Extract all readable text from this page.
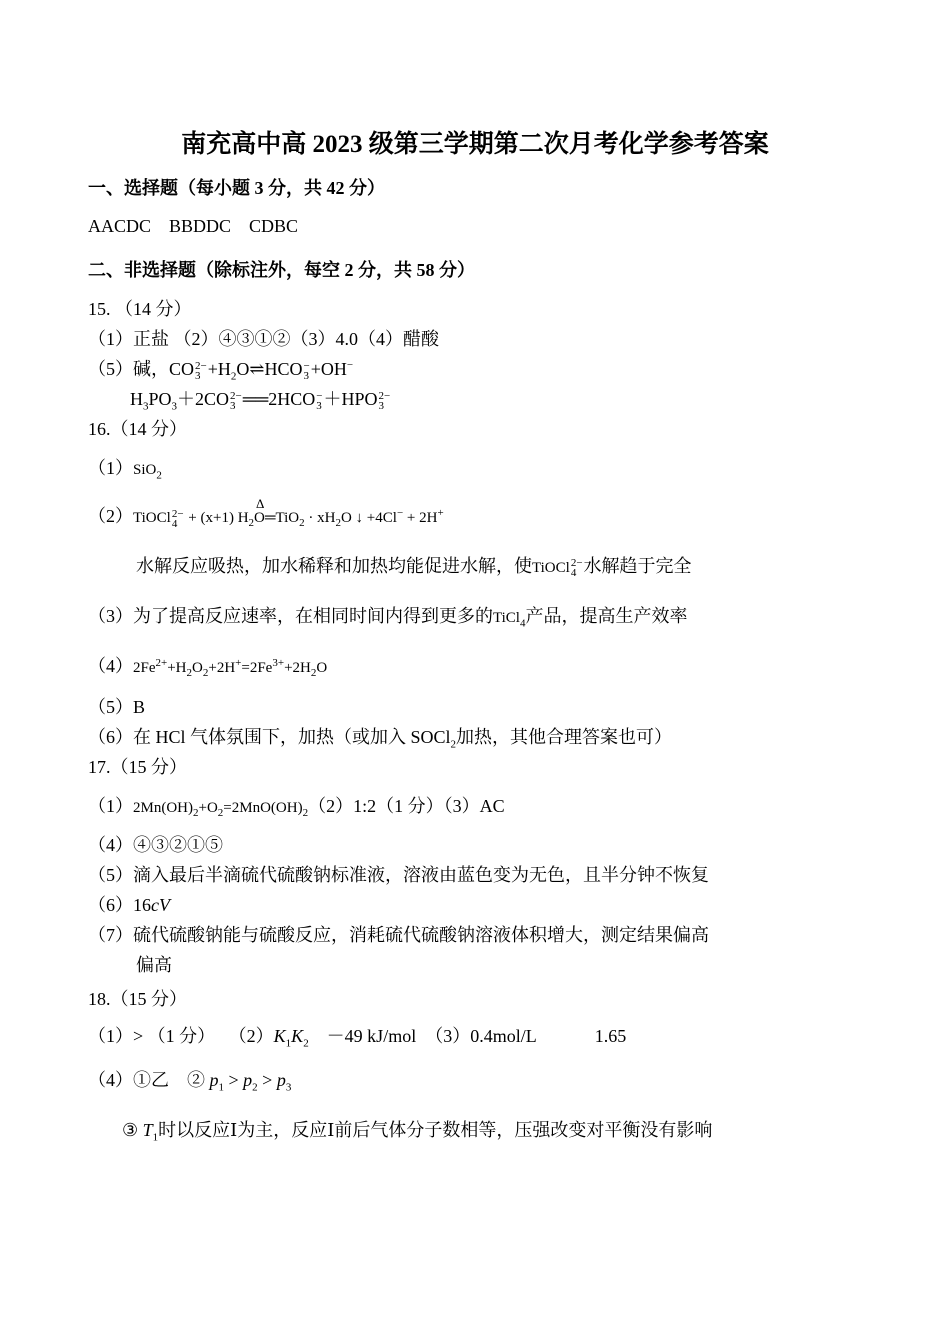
南充高中高 2023 级第三学期第二次月考化学参考答案
一、选择题（每小题 3 分，共 42 分）
AACDC　BBDDC　CDBC
二、非选择题（除标注外，每空 2 分，共 58 分）
15. （14 分）
（1）正盐 （2）④③①②（3）4.0（4）醋酸
（5）碱，CO 2−
$3 +H_2O\rightleftharpoons HCO$ −
3 +OH−
$H_3PO_3+2CO$ 2−
3 ══2HCO −
3 ＋HPO 2−
3
16.（14 分）
（1）SiO$_2$
（2）TiOCl 2−
4 + (x+1) $H_2$
Δ
O═TiO$_2$ · $xH_2O$ ↓ +4Cl− + 2H+
水解反应吸热，加水稀释和加热均能促进水解，使TiOCl 2−
4 水解趋于完全
（3）为了提高反应速率，在相同时间内得到更多的TiCl$_4$产品，提高生产效率
$(4)2Fe^{2+}+H_2O_2+2H^+=2Fe^{3+}+2H_2O$
（5）B
（6）在 HCl 气体氛围下，加热（或加入 SOCl$_2$加热，其他合理答案也可）
17.（15 分）
$(1)2Mn(OH)_2+O_2=2MnO(OH)_2(2)1:2(1$ 分）（3）AC
（4）④③②①⑤
（5）滴入最后半滴硫代硫酸钠标准液，溶液由蓝色变为无色，且半分钟不恢复
（6）16cV
（7）硫代硫酸钠能与硫酸反应，消耗硫代硫酸钠溶液体积增大，测定结果偏高
偏高
18.（15 分）
（1）> （1 分）　 $(2)K_1K_2$　－49 kJ/mol　（3）0.4mol/L	1.65
（4）①乙　② $p_1 > p_2 > p_3$
③ $T_1$时以反应Ⅰ为主，反应Ⅰ前后气体分子数相等，压强改变对平衡没有影响
